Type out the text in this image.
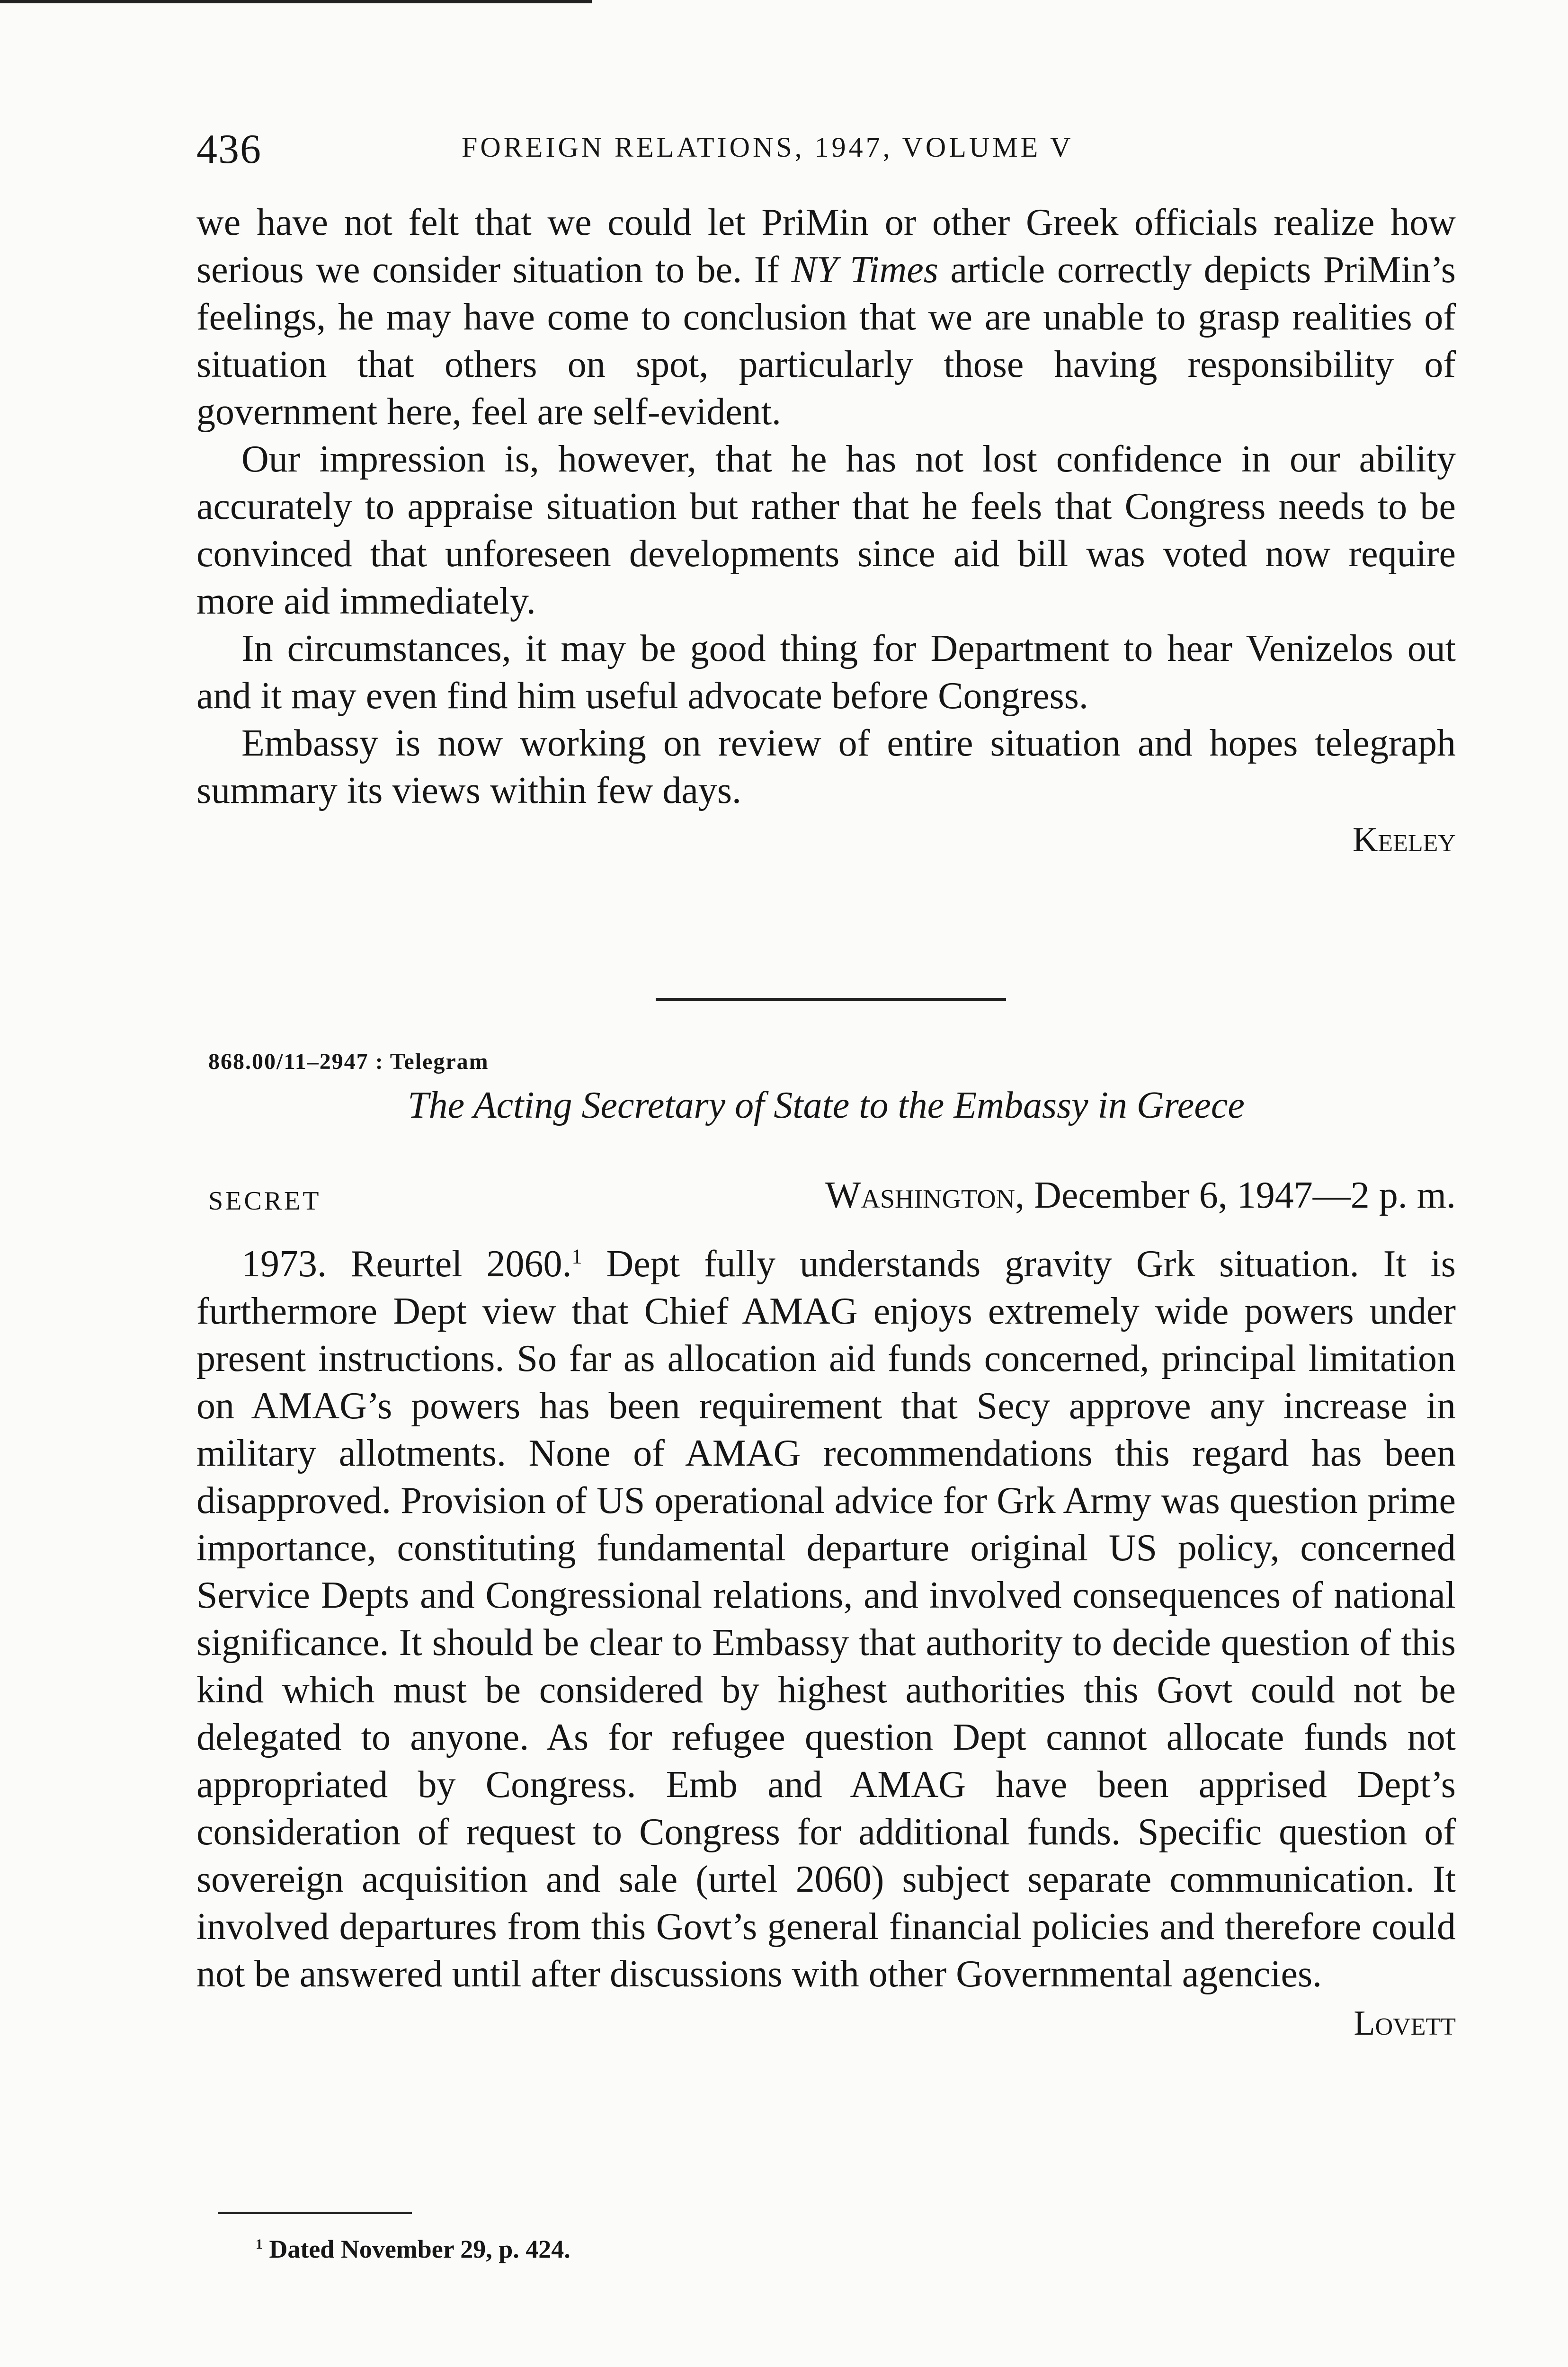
436	FOREIGN RELATIONS, 1947, VOLUME V

we have not felt that we could let PriMin or other Greek officials realize how serious we consider situation to be. If NY Times article correctly depicts PriMin’s feelings, he may have come to conclusion that we are unable to grasp realities of situation that others on spot, particularly those having responsibility of government here, feel are self-evident.

Our impression is, however, that he has not lost confidence in our ability accurately to appraise situation but rather that he feels that Congress needs to be convinced that unforeseen developments since aid bill was voted now require more aid immediately.

In circumstances, it may be good thing for Department to hear Venizelos out and it may even find him useful advocate before Congress.

Embassy is now working on review of entire situation and hopes telegraph summary its views within few days.

Keeley
868.00/11–2947 : Telegram
The Acting Secretary of State to the Embassy in Greece
SECRET	Washington, December 6, 1947—2 p. m.

1973. Reurtel 2060.$^1$ Dept fully understands gravity Grk situation. It is furthermore Dept view that Chief AMAG enjoys extremely wide powers under present instructions. So far as allocation aid funds concerned, principal limitation on AMAG’s powers has been requirement that Secy approve any increase in military allotments. None of AMAG recommendations this regard has been disapproved. Provision of US operational advice for Grk Army was question prime importance, constituting fundamental departure original US policy, concerned Service Depts and Congressional relations, and involved consequences of national significance. It should be clear to Embassy that authority to decide question of this kind which must be considered by highest authorities this Govt could not be delegated to anyone. As for refugee question Dept cannot allocate funds not appropriated by Congress. Emb and AMAG have been apprised Dept’s consideration of request to Congress for additional funds. Specific question of sovereign acquisition and sale (urtel 2060) subject separate communication. It involved departures from this Govt’s general financial policies and therefore could not be answered until after discussions with other Governmental agencies.

Lovett
$^1$ Dated November 29, p. 424.
